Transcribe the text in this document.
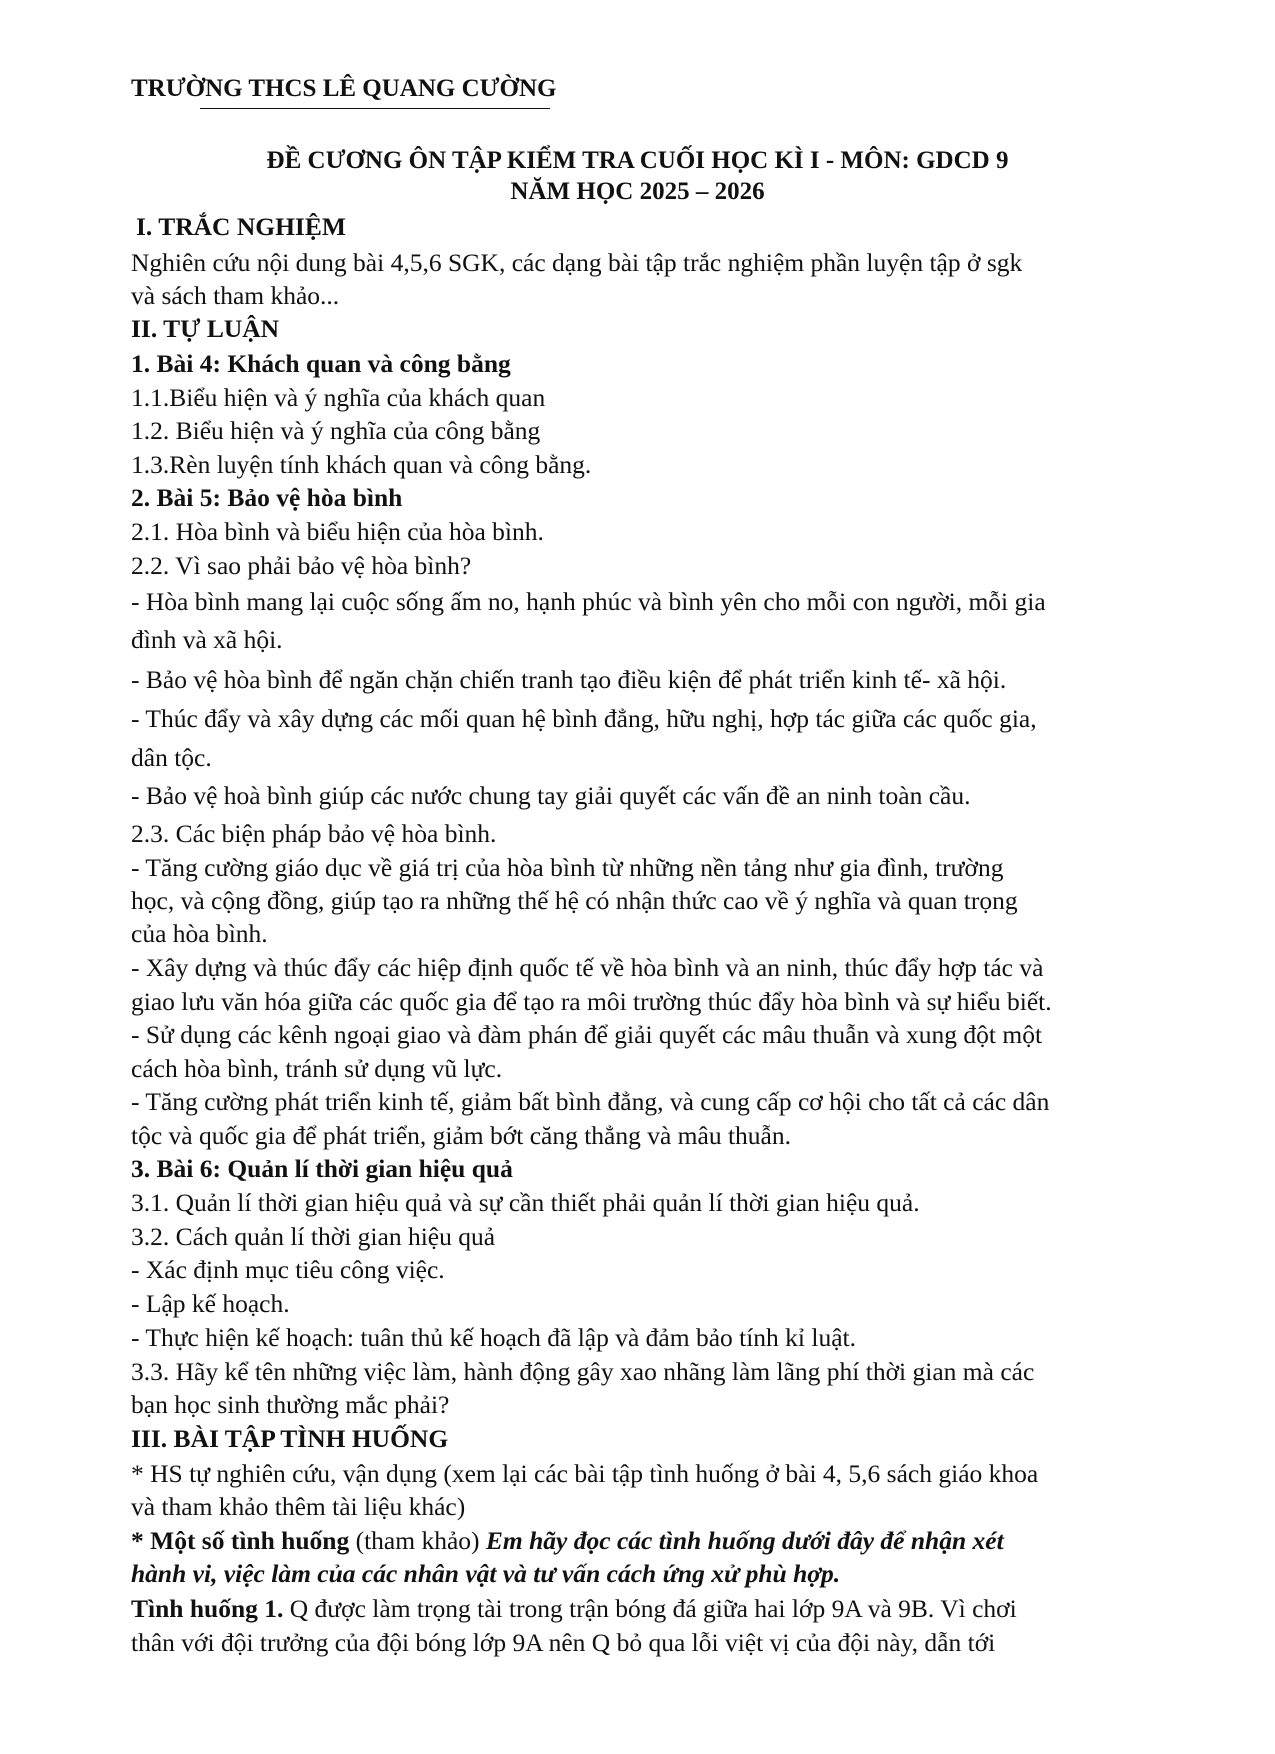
TRƯỜNG THCS LÊ QUANG CƯỜNG
ĐỀ CƯƠNG ÔN TẬP KIỂM TRA CUỐI HỌC KÌ I - MÔN: GDCD 9
NĂM HỌC 2025 – 2026
I. TRẮC NGHIỆM
Nghiên cứu nội dung bài 4,5,6 SGK, các dạng bài tập trắc nghiệm phần luyện tập ở sgk
và sách tham khảo...
II. TỰ LUẬN
1. Bài 4: Khách quan và công bằng
1.1.Biểu hiện và ý nghĩa của khách quan
1.2. Biểu hiện và ý nghĩa của công bằng
1.3.Rèn luyện tính khách quan và công bằng.
2. Bài 5: Bảo vệ hòa bình
2.1. Hòa bình và biểu hiện của hòa bình.
2.2. Vì sao phải bảo vệ hòa bình?
- Hòa bình mang lại cuộc sống ấm no, hạnh phúc và bình yên cho mỗi con người, mỗi gia
đình và xã hội.
- Bảo vệ hòa bình để ngăn chặn chiến tranh tạo điều kiện để phát triển kinh tế- xã hội.
- Thúc đẩy và xây dựng các mối quan hệ bình đẳng, hữu nghị, hợp tác giữa các quốc gia,
dân tộc.
- Bảo vệ hoà bình giúp các nước chung tay giải quyết các vấn đề an ninh toàn cầu.
2.3. Các biện pháp bảo vệ hòa bình.
- Tăng cường giáo dục về giá trị của hòa bình từ những nền tảng như gia đình, trường
học, và cộng đồng, giúp tạo ra những thế hệ có nhận thức cao về ý nghĩa và quan trọng
của hòa bình.
- Xây dựng và thúc đẩy các hiệp định quốc tế về hòa bình và an ninh, thúc đẩy hợp tác và
giao lưu văn hóa giữa các quốc gia để tạo ra môi trường thúc đẩy hòa bình và sự hiểu biết.
- Sử dụng các kênh ngoại giao và đàm phán để giải quyết các mâu thuẫn và xung đột một
cách hòa bình, tránh sử dụng vũ lực.
- Tăng cường phát triển kinh tế, giảm bất bình đẳng, và cung cấp cơ hội cho tất cả các dân
tộc và quốc gia để phát triển, giảm bớt căng thẳng và mâu thuẫn.
3. Bài 6: Quản lí thời gian hiệu quả
3.1. Quản lí thời gian hiệu quả và sự cần thiết phải quản lí thời gian hiệu quả.
3.2. Cách quản lí thời gian hiệu quả
- Xác định mục tiêu công việc.
- Lập kế hoạch.
- Thực hiện kế hoạch: tuân thủ kế hoạch đã lập và đảm bảo tính kỉ luật.
3.3. Hãy kể tên những việc làm, hành động gây xao nhãng làm lãng phí thời gian mà các
bạn học sinh thường mắc phải?
III. BÀI TẬP TÌNH HUỐNG
* HS tự nghiên cứu, vận dụng (xem lại các bài tập tình huống ở bài 4, 5,6 sách giáo khoa
và tham khảo thêm tài liệu khác)
* Một số tình huống (tham khảo) Em hãy đọc các tình huống dưới đây để nhận xét
hành vi, việc làm của các nhân vật và tư vấn cách ứng xử phù hợp.
Tình huống 1. Q được làm trọng tài trong trận bóng đá giữa hai lớp 9A và 9B. Vì chơi
thân với đội trưởng của đội bóng lớp 9A nên Q bỏ qua lỗi việt vị của đội này, dẫn tới
